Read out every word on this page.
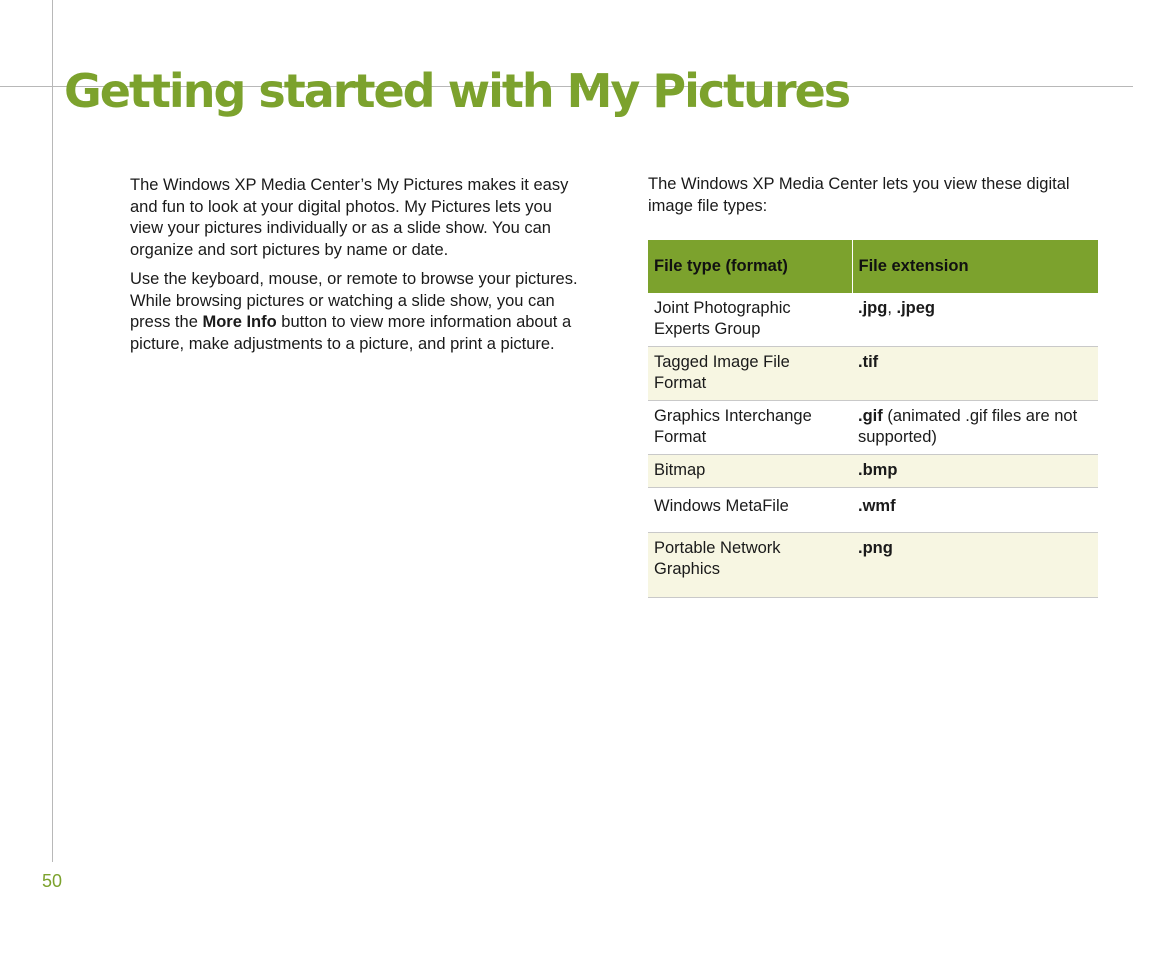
Getting started with My Pictures

The Windows XP Media Center’s My Pictures makes it easy and fun to look at your digital photos. My Pictures lets you view your pictures individually or as a slide show. You can organize and sort pictures by name or date.

Use the keyboard, mouse, or remote to browse your pictures. While browsing pictures or watching a slide show, you can press the More Info button to view more information about a picture, make adjustments to a picture, and print a picture.

The Windows XP Media Center lets you view these digital image file types:

File type (format)	File extension
Joint Photographic Experts Group	.jpg, .jpeg
Tagged Image File Format	.tif
Graphics Interchange Format	.gif (animated .gif files are not supported)
Bitmap	.bmp
Windows MetaFile	.wmf
Portable Network Graphics	.png
50
